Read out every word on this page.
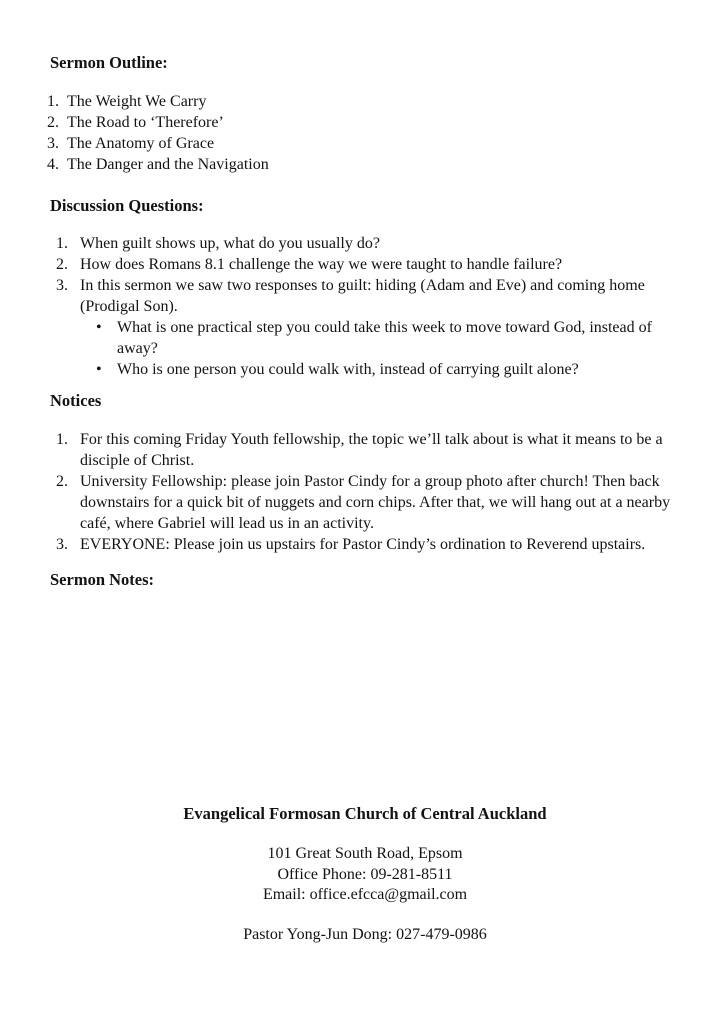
Sermon Outline:
The Weight We Carry
The Road to ‘Therefore’
The Anatomy of Grace
The Danger and the Navigation
Discussion Questions:
When guilt shows up, what do you usually do?
How does Romans 8.1 challenge the way we were taught to handle failure?
In this sermon we saw two responses to guilt: hiding (Adam and Eve) and coming home (Prodigal Son).
• What is one practical step you could take this week to move toward God, instead of away?
• Who is one person you could walk with, instead of carrying guilt alone?
Notices
For this coming Friday Youth fellowship, the topic we’ll talk about is what it means to be a disciple of Christ.
University Fellowship: please join Pastor Cindy for a group photo after church! Then back downstairs for a quick bit of nuggets and corn chips. After that, we will hang out at a nearby café, where Gabriel will lead us in an activity.
EVERYONE: Please join us upstairs for Pastor Cindy’s ordination to Reverend upstairs.
Sermon Notes:
Evangelical Formosan Church of Central Auckland
101 Great South Road, Epsom
Office Phone: 09-281-8511
Email: office.efcca@gmail.com
Pastor Yong-Jun Dong: 027-479-0986
